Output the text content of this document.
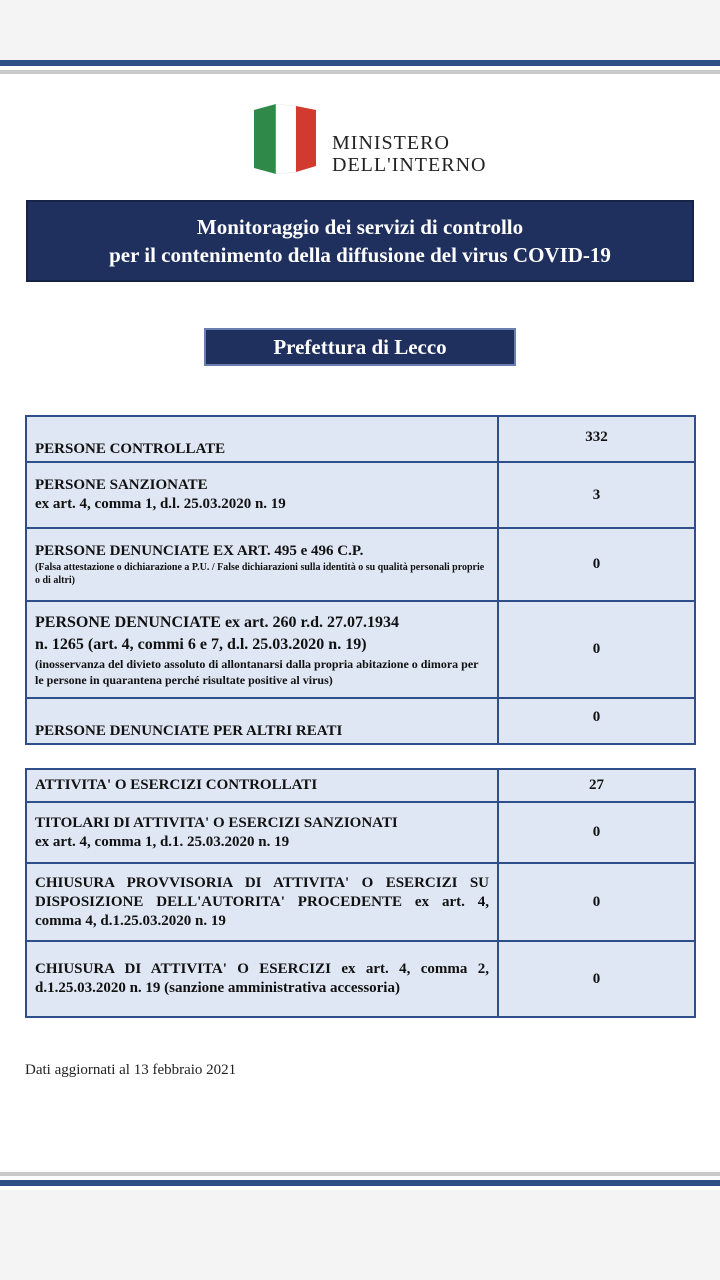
MINISTERO
DELL'INTERNO
Monitoraggio dei servizi di controllo
per il contenimento della diffusione del virus COVID-19
Prefettura di Lecco
PERSONE CONTROLLATE	332

PERSONE SANZIONATE
ex art. 4, comma 1, d.l. 25.03.2020 n. 19	3

PERSONE DENUNCIATE EX ART. 495 e 496 C.P.
(Falsa attestazione o dichiarazione a P.U. / False dichiarazioni sulla identità o su qualità personali proprie o di altri)	0

PERSONE DENUNCIATE ex art. 260 r.d. 27.07.1934
n. 1265 (art. 4, commi 6 e 7, d.l. 25.03.2020 n. 19)
(inosservanza del divieto assoluto di allontanarsi dalla propria abitazione o dimora per le persone in quarantena perché risultate positive al virus)	0

PERSONE DENUNCIATE PER ALTRI REATI	0
ATTIVITA' O ESERCIZI CONTROLLATI	27

TITOLARI DI ATTIVITA' O ESERCIZI SANZIONATI
ex art. 4, comma 1, d.1. 25.03.2020 n. 19	0

CHIUSURA PROVVISORIA DI ATTIVITA' O ESERCIZI SU DISPOSIZIONE DELL'AUTORITA' PROCEDENTE ex art. 4, comma 4, d.1.25.03.2020 n. 19	0

CHIUSURA DI ATTIVITA' O ESERCIZI ex art. 4, comma 2, d.1.25.03.2020 n. 19 (sanzione amministrativa accessoria)	0
Dati aggiornati al 13 febbraio 2021
